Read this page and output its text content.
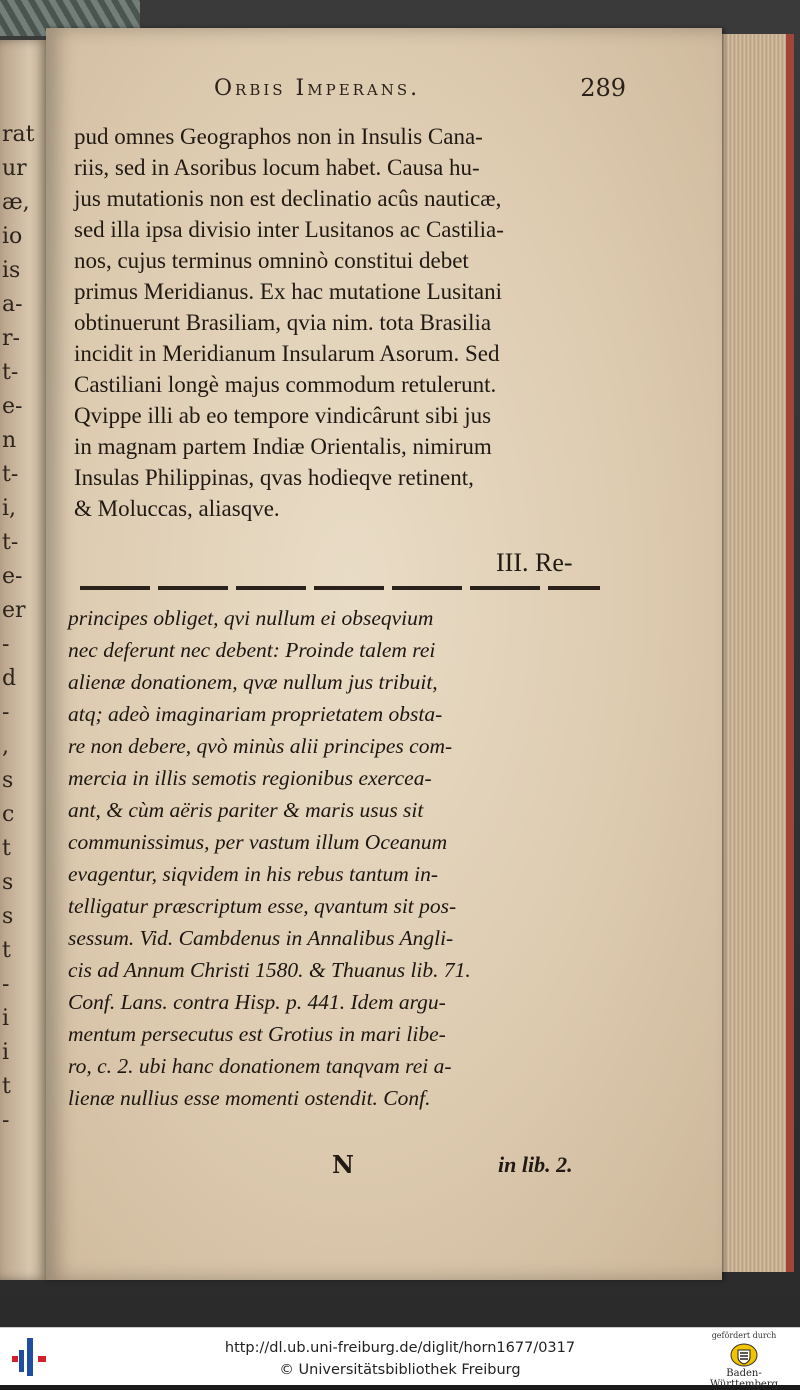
rat
ur
æ,
io
is
a-
r-
t-
e-
n
t-
i,
t-
e-
er
-
d
-
,
s
c
t
s
s
t
-
i
i
t
-
Orbis Imperans.	289
pud omnes Geographos non in Insulis Cana-
riis, sed in Asoribus locum habet. Causa hu-
jus mutationis non est declinatio acûs nauticæ,
sed illa ipsa divisio inter Lusitanos ac Castilia-
nos, cujus terminus omninò constitui debet
primus Meridianus. Ex hac mutatione Lusitani
obtinuerunt Brasiliam, qvia nim. tota Brasilia
incidit in Meridianum Insularum Asorum. Sed
Castiliani longè majus commodum retulerunt.
Qvippe illi ab eo tempore vindicârunt sibi jus
in magnam partem Indiæ Orientalis, nimirum
Insulas Philippinas, qvas hodieqve retinent,
& Moluccas, aliasqve.
III. Re-
principes obliget, qvi nullum ei obseqvium
nec deferunt nec debent: Proinde talem rei
alienæ donationem, qvæ nullum jus tribuit,
atq; adeò imaginariam proprietatem obsta-
re non debere, qvò minùs alii principes com-
mercia in illis semotis regionibus exercea-
ant, & cùm aëris pariter & maris usus sit
communissimus, per vastum illum Oceanum
evagentur, siqvidem in his rebus tantum in-
telligatur præscriptum esse, qvantum sit pos-
sessum. Vid. Cambdenus in Annalibus Angli-
cis ad Annum Christi 1580. & Thuanus lib. 71.
Conf. Lans. contra Hisp. p. 441. Idem argu-
mentum persecutus est Grotius in mari libe-
ro, c. 2. ubi hanc donationem tanqvam rei a-
lienæ nullius esse momenti ostendit. Conf.
N	in lib. 2.
http://dl.ub.uni-freiburg.de/diglit/horn1677/0317
© Universitätsbibliothek Freiburg
gefördert durch
Baden-Württemberg
